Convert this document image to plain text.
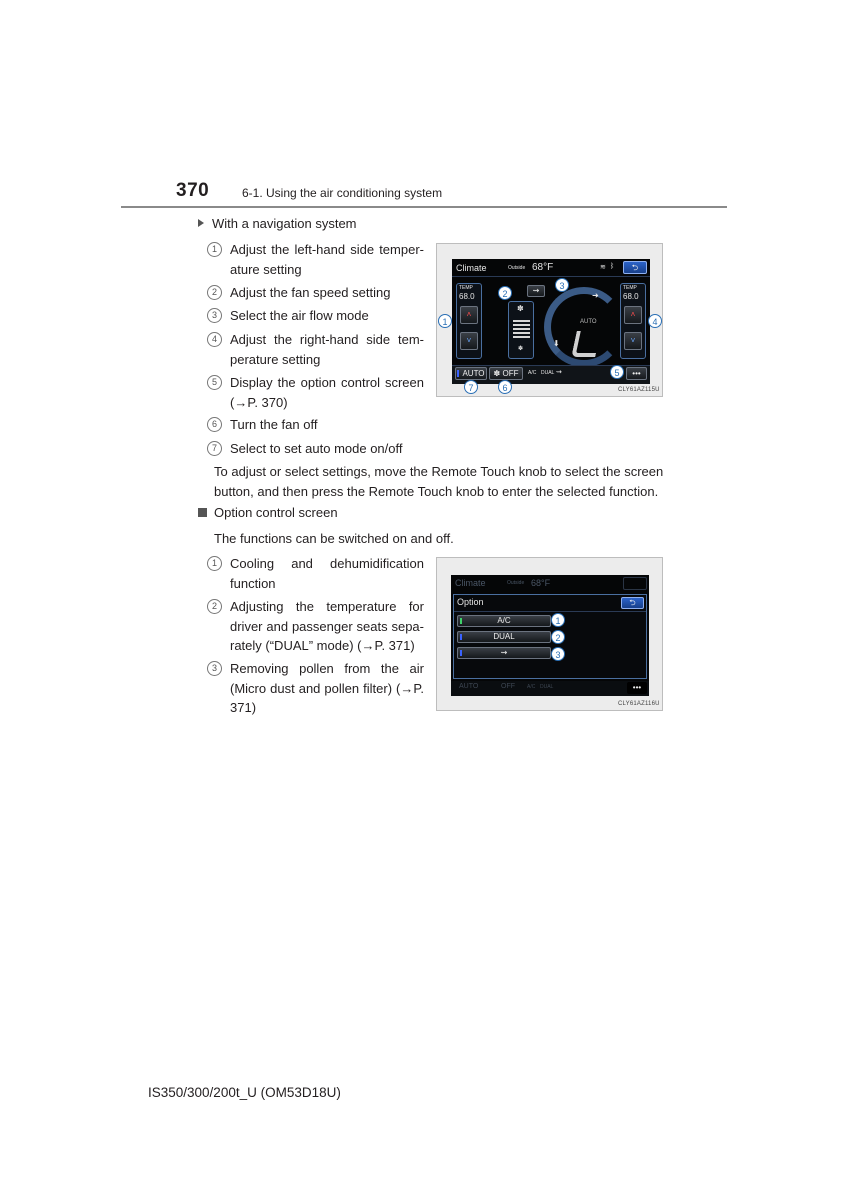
370	6-1. Using the air conditioning system
With a navigation system
1	Adjust the left-hand side temper-ature setting
2	Adjust the fan speed setting
3	Select the air flow mode
4	Adjust the right-hand side tem-perature setting
5	Display the option control screen (→P. 370)
6	Turn the fan off
7	Select to set auto mode on/off
To adjust or select settings, move the Remote Touch knob to select the screen button, and then press the Remote Touch knob to enter the selected function.
Option control screen
The functions can be switched on and off.
1	Cooling and dehumidification function
2	Adjusting the temperature for driver and passenger seats sepa-rately (“DUAL” mode) (→P. 371)
3	Removing pollen from the air (Micro dust and pollen filter) (→P. 371)
Climate	Outside 68°F	≋ ᛒ	⮌
TEMP
68.0
˄
˅
✽
✽
⇝
AUTO
➜
⬇
TEMP
68.0
˄
˅
AUTO	✽ OFF	A/C DUAL ⇝	•••
1
2
3
4
5
6
7	CLY61AZ115U
Climate	Outside 68°F
Option	⮌
A/C
DUAL
⇝
AUTO	OFF A/C DUAL	•••
1
2
3
CLY61AZ116U
IS350/300/200t_U (OM53D18U)
